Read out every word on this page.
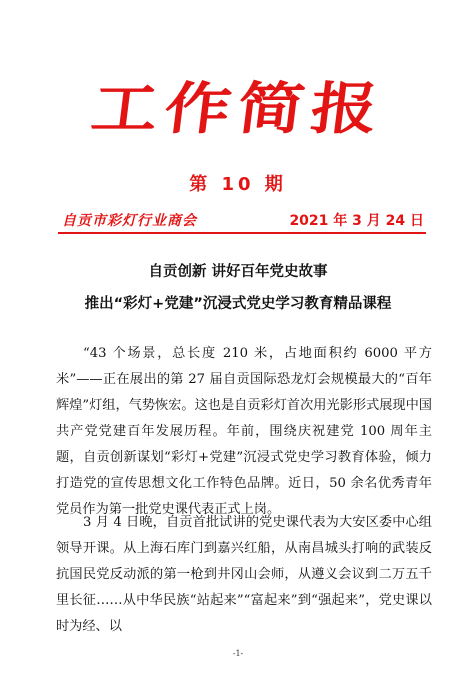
工作简报
第 10 期
自贡市彩灯行业商会	2021 年 3 月 24 日
自贡创新 讲好百年党史故事
推出“彩灯+党建”沉浸式党史学习教育精品课程

“43 个场景，总长度 210 米，占地面积约 6000 平方米”——正在展出的第 27 届自贡国际恐龙灯会规模最大的“百年辉煌”灯组，气势恢宏。这也是自贡彩灯首次用光影形式展现中国共产党党建百年发展历程。年前，围绕庆祝建党 100 周年主题，自贡创新谋划“彩灯+党建”沉浸式党史学习教育体验，倾力打造党的宣传思想文化工作特色品牌。近日，50 余名优秀青年党员作为第一批党史课代表正式上岗。

3 月 4 日晚，自贡首批试讲的党史课代表为大安区委中心组领导开课。从上海石库门到嘉兴红船，从南昌城头打响的武装反抗国民党反动派的第一枪到井冈山会师，从遵义会议到二万五千里长征……从中华民族“站起来”“富起来”到“强起来”，党史课以时为经、以

-1-
